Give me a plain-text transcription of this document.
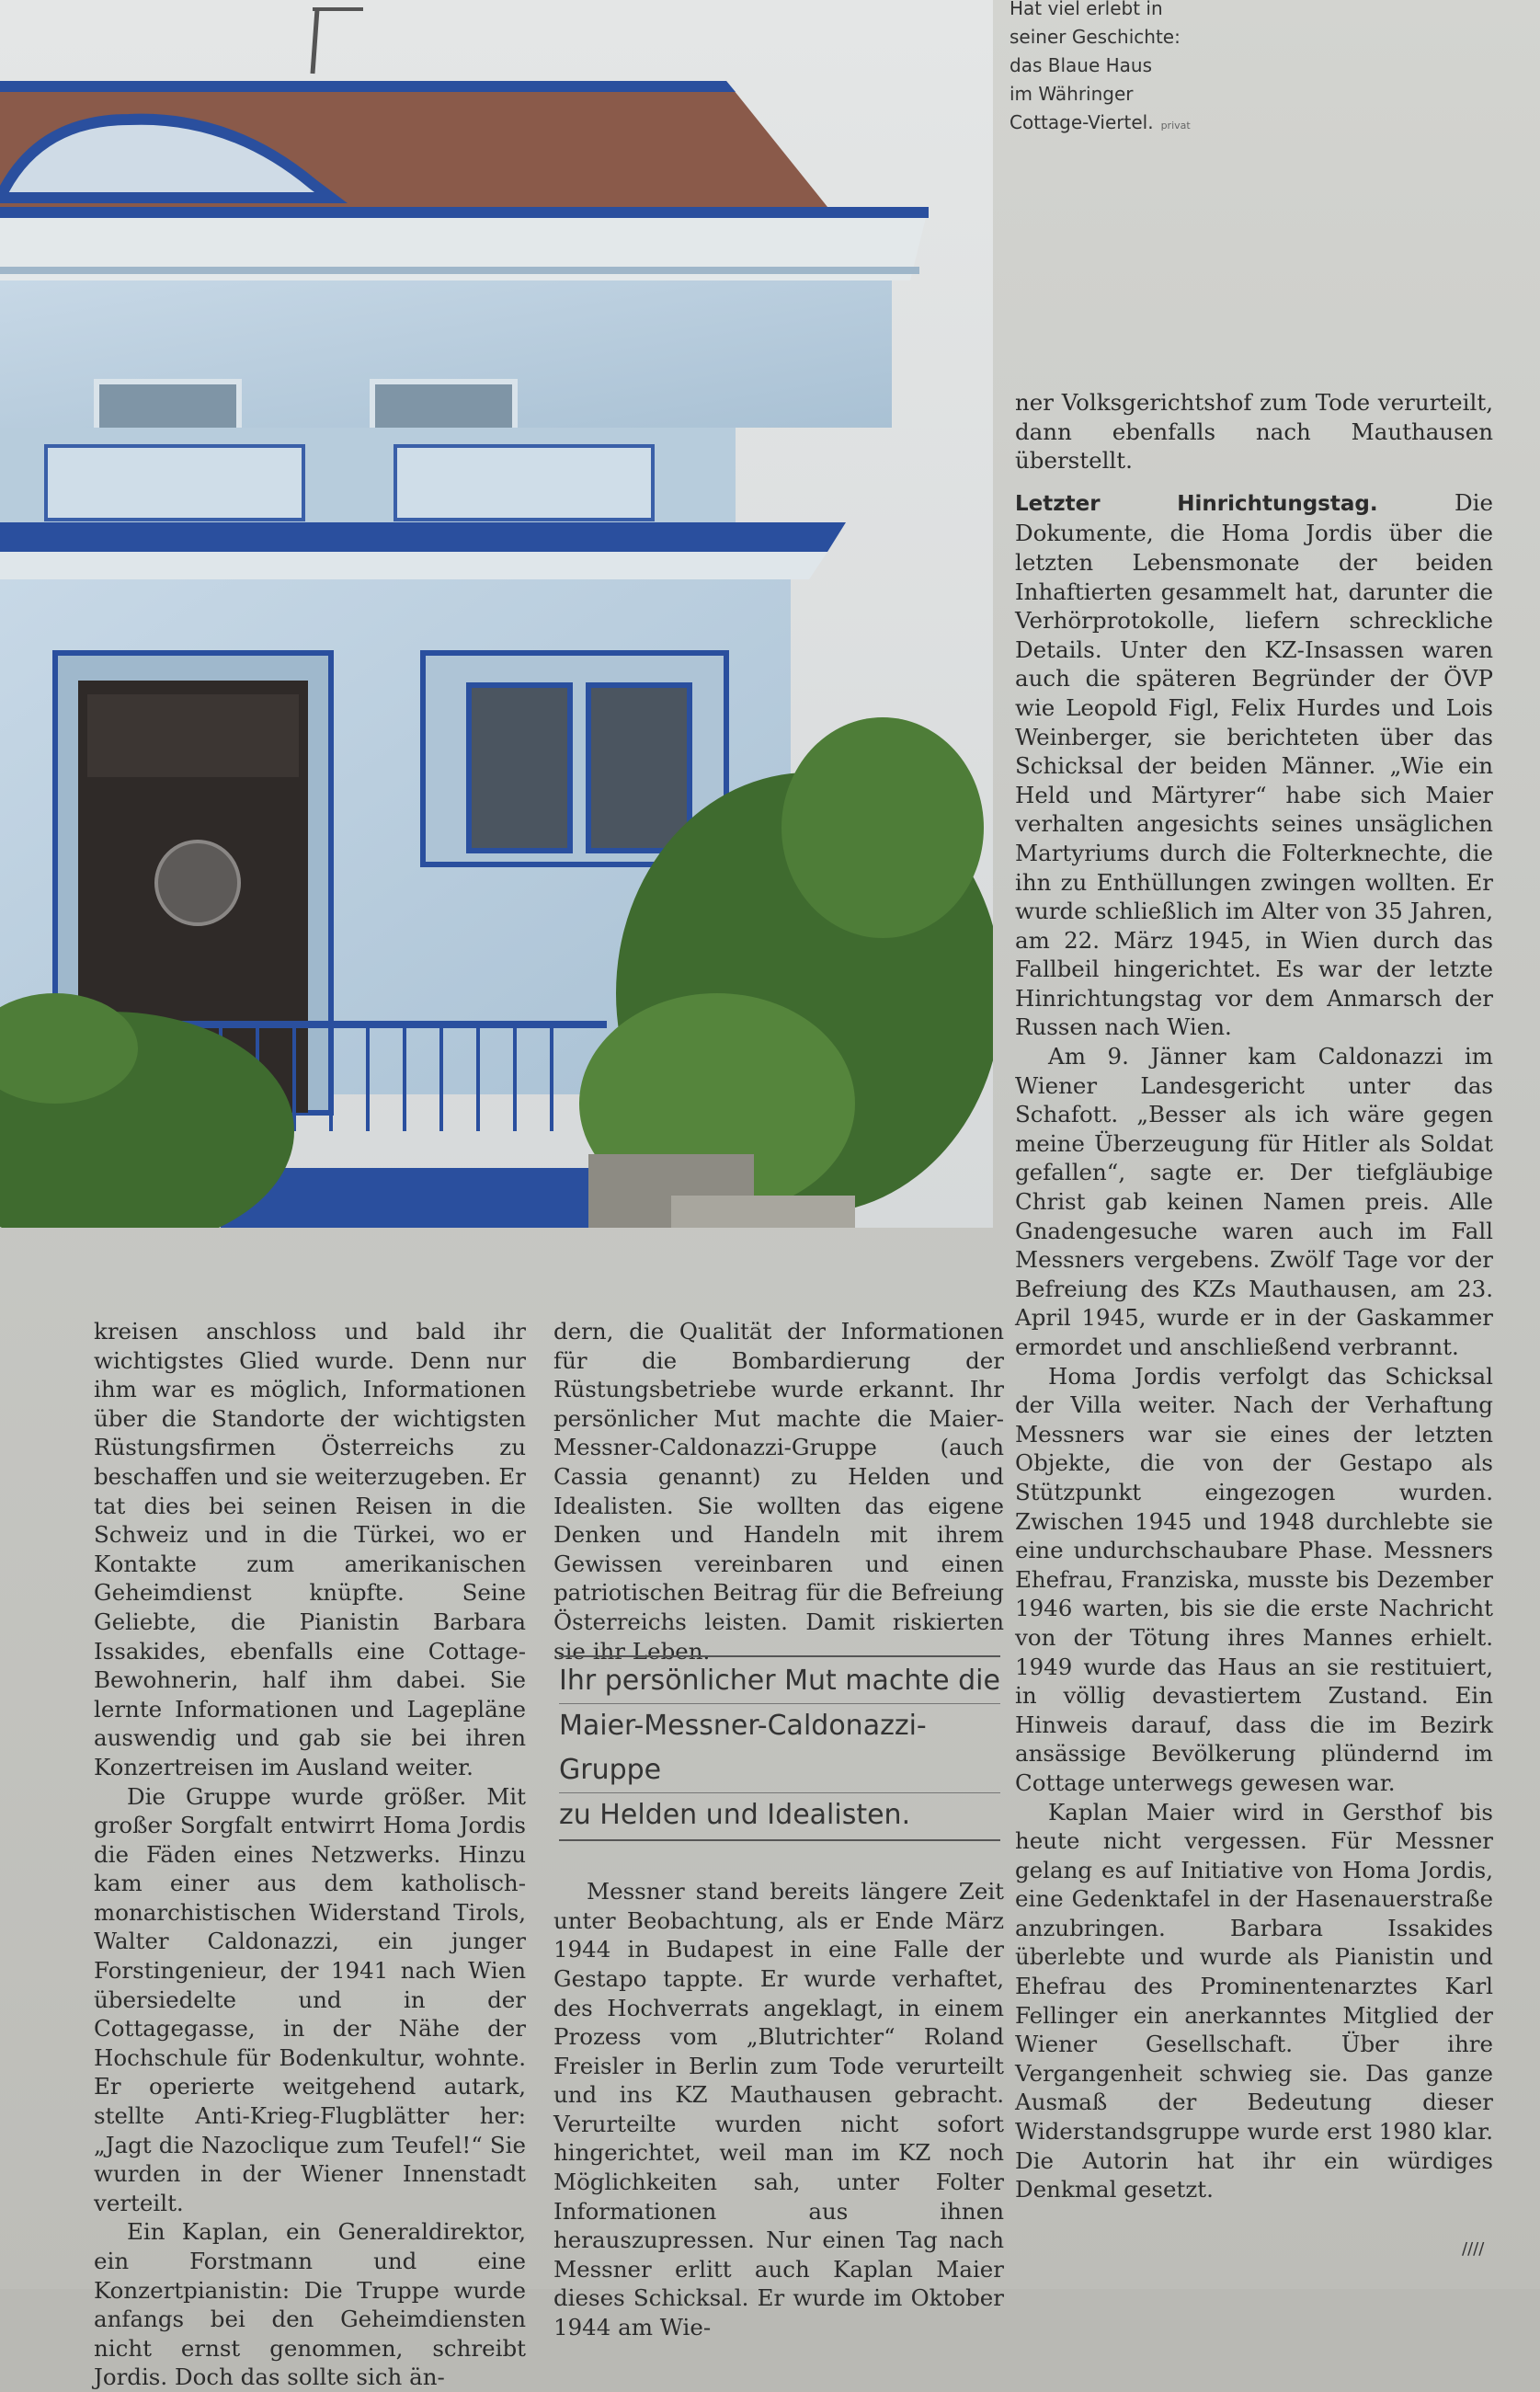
Hat viel erlebt in
seiner Geschichte:
das Blaue Haus
im Währinger
Cottage-Viertel. privat

ner Volksgerichtshof zum Tode verurteilt, dann ebenfalls nach Mauthausen überstellt.

Letzter Hinrichtungstag. Die Dokumente, die Homa Jordis über die letzten Lebensmonate der beiden Inhaftierten gesammelt hat, darunter die Verhörprotokolle, liefern schreckliche Details. Unter den KZ-Insassen waren auch die späteren Begründer der ÖVP wie Leopold Figl, Felix Hurdes und Lois Weinberger, sie berichteten über das Schicksal der beiden Männer. „Wie ein Held und Märtyrer“ habe sich Maier verhalten angesichts seines unsäglichen Martyriums durch die Folterknechte, die ihn zu Enthüllungen zwingen wollten. Er wurde schließlich im Alter von 35 Jahren, am 22. März 1945, in Wien durch das Fallbeil hingerichtet. Es war der letzte Hinrichtungstag vor dem Anmarsch der Russen nach Wien.

Am 9. Jänner kam Caldonazzi im Wiener Landesgericht unter das Schafott. „Besser als ich wäre gegen meine Überzeugung für Hitler als Soldat gefallen“, sagte er. Der tiefgläubige Christ gab keinen Namen preis. Alle Gnadengesuche waren auch im Fall Messners vergebens. Zwölf Tage vor der Befreiung des KZs Mauthausen, am 23. April 1945, wurde er in der Gaskammer ermordet und anschließend verbrannt.

Homa Jordis verfolgt das Schicksal der Villa weiter. Nach der Verhaftung Messners war sie eines der letzten Objekte, die von der Gestapo als Stützpunkt eingezogen wurden. Zwischen 1945 und 1948 durchlebte sie eine undurchschaubare Phase. Messners Ehefrau, Franziska, musste bis Dezember 1946 warten, bis sie die erste Nachricht von der Tötung ihres Mannes erhielt. 1949 wurde das Haus an sie restituiert, in völlig devastiertem Zustand. Ein Hinweis darauf, dass die im Bezirk ansässige Bevölkerung plündernd im Cottage unterwegs gewesen war.

Kaplan Maier wird in Gersthof bis heute nicht vergessen. Für Messner gelang es auf Initiative von Homa Jordis, eine Gedenktafel in der Hasenauerstraße anzubringen. Barbara Issakides überlebte und wurde als Pianistin und Ehefrau des Prominentenarztes Karl Fellinger ein anerkanntes Mitglied der Wiener Gesellschaft. Über ihre Vergangenheit schwieg sie. Das ganze Ausmaß der Bedeutung dieser Widerstandsgruppe wurde erst 1980 klar. Die Autorin hat ihr ein würdiges Denkmal gesetzt.

kreisen anschloss und bald ihr wichtigstes Glied wurde. Denn nur ihm war es möglich, Informationen über die Standorte der wichtigsten Rüstungsfirmen Österreichs zu beschaffen und sie weiterzugeben. Er tat dies bei seinen Reisen in die Schweiz und in die Türkei, wo er Kontakte zum amerikanischen Geheimdienst knüpfte. Seine Geliebte, die Pianistin Barbara Issakides, ebenfalls eine Cottage-Bewohnerin, half ihm dabei. Sie lernte Informationen und Lagepläne auswendig und gab sie bei ihren Konzertreisen im Ausland weiter.

Die Gruppe wurde größer. Mit großer Sorgfalt entwirrt Homa Jordis die Fäden eines Netzwerks. Hinzu kam einer aus dem katholisch-monarchistischen Widerstand Tirols, Walter Caldonazzi, ein junger Forstingenieur, der 1941 nach Wien übersiedelte und in der Cottagegasse, in der Nähe der Hochschule für Bodenkultur, wohnte. Er operierte weitgehend autark, stellte Anti-Krieg-Flugblätter her: „Jagt die Nazoclique zum Teufel!“ Sie wurden in der Wiener Innenstadt verteilt.

Ein Kaplan, ein Generaldirektor, ein Forstmann und eine Konzertpianistin: Die Truppe wurde anfangs bei den Geheimdiensten nicht ernst genommen, schreibt Jordis. Doch das sollte sich än-

dern, die Qualität der Informationen für die Bombardierung der Rüstungsbetriebe wurde erkannt. Ihr persönlicher Mut machte die Maier-Messner-Caldonazzi-Gruppe (auch Cassia genannt) zu Helden und Idealisten. Sie wollten das eigene Denken und Handeln mit ihrem Gewissen vereinbaren und einen patriotischen Beitrag für die Befreiung Österreichs leisten. Damit riskierten sie ihr Leben.

Messner stand bereits längere Zeit unter Beobachtung, als er Ende März 1944 in Budapest in eine Falle der Gestapo tappte. Er wurde verhaftet, des Hochverrats angeklagt, in einem Prozess vom „Blutrichter“ Roland Freisler in Berlin zum Tode verurteilt und ins KZ Mauthausen gebracht. Verurteilte wurden nicht sofort hingerichtet, weil man im KZ noch Möglichkeiten sah, unter Folter Informationen aus ihnen herauszupressen. Nur einen Tag nach Messner erlitt auch Kaplan Maier dieses Schicksal. Er wurde im Oktober 1944 am Wie-

Ihr persönlicher Mut machte die
Maier-Messner-Caldonazzi-Gruppe
zu Helden und Idealisten.
////
